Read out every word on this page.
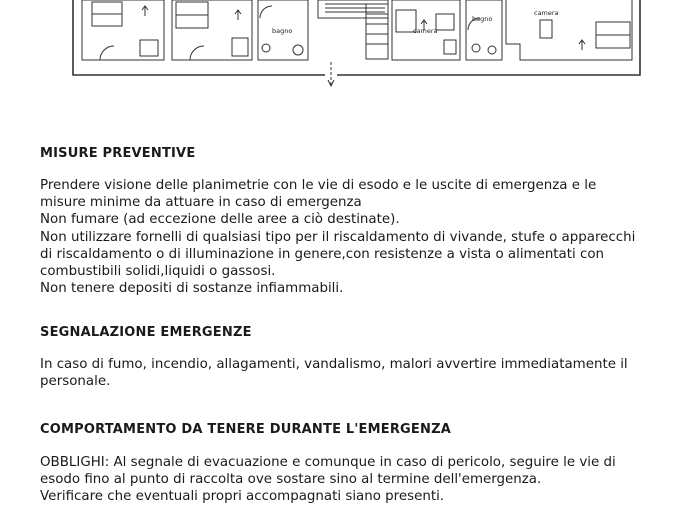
bagno	camera
bagno
camera
MISURE PREVENTIVE
Prendere visione delle planimetrie con le vie di esodo e le uscite di emergenza e le
misure minime da attuare in caso di emergenza
Non fumare (ad eccezione delle aree a ciò destinate).
Non utilizzare fornelli di qualsiasi tipo per il riscaldamento di vivande, stufe o apparecchi
di riscaldamento o di illuminazione in genere,con resistenze a vista o alimentati con
combustibili solidi,liquidi o gassosi.
Non tenere depositi di sostanze infiammabili.
SEGNALAZIONE EMERGENZE
In caso di fumo, incendio, allagamenti, vandalismo, malori avvertire immediatamente il
personale.
COMPORTAMENTO DA TENERE DURANTE L'EMERGENZA
OBBLIGHI: Al segnale di evacuazione e comunque in caso di pericolo, seguire le vie di
esodo fino al punto di raccolta ove sostare sino al termine dell'emergenza.
Verificare che eventuali propri accompagnati siano presenti.
